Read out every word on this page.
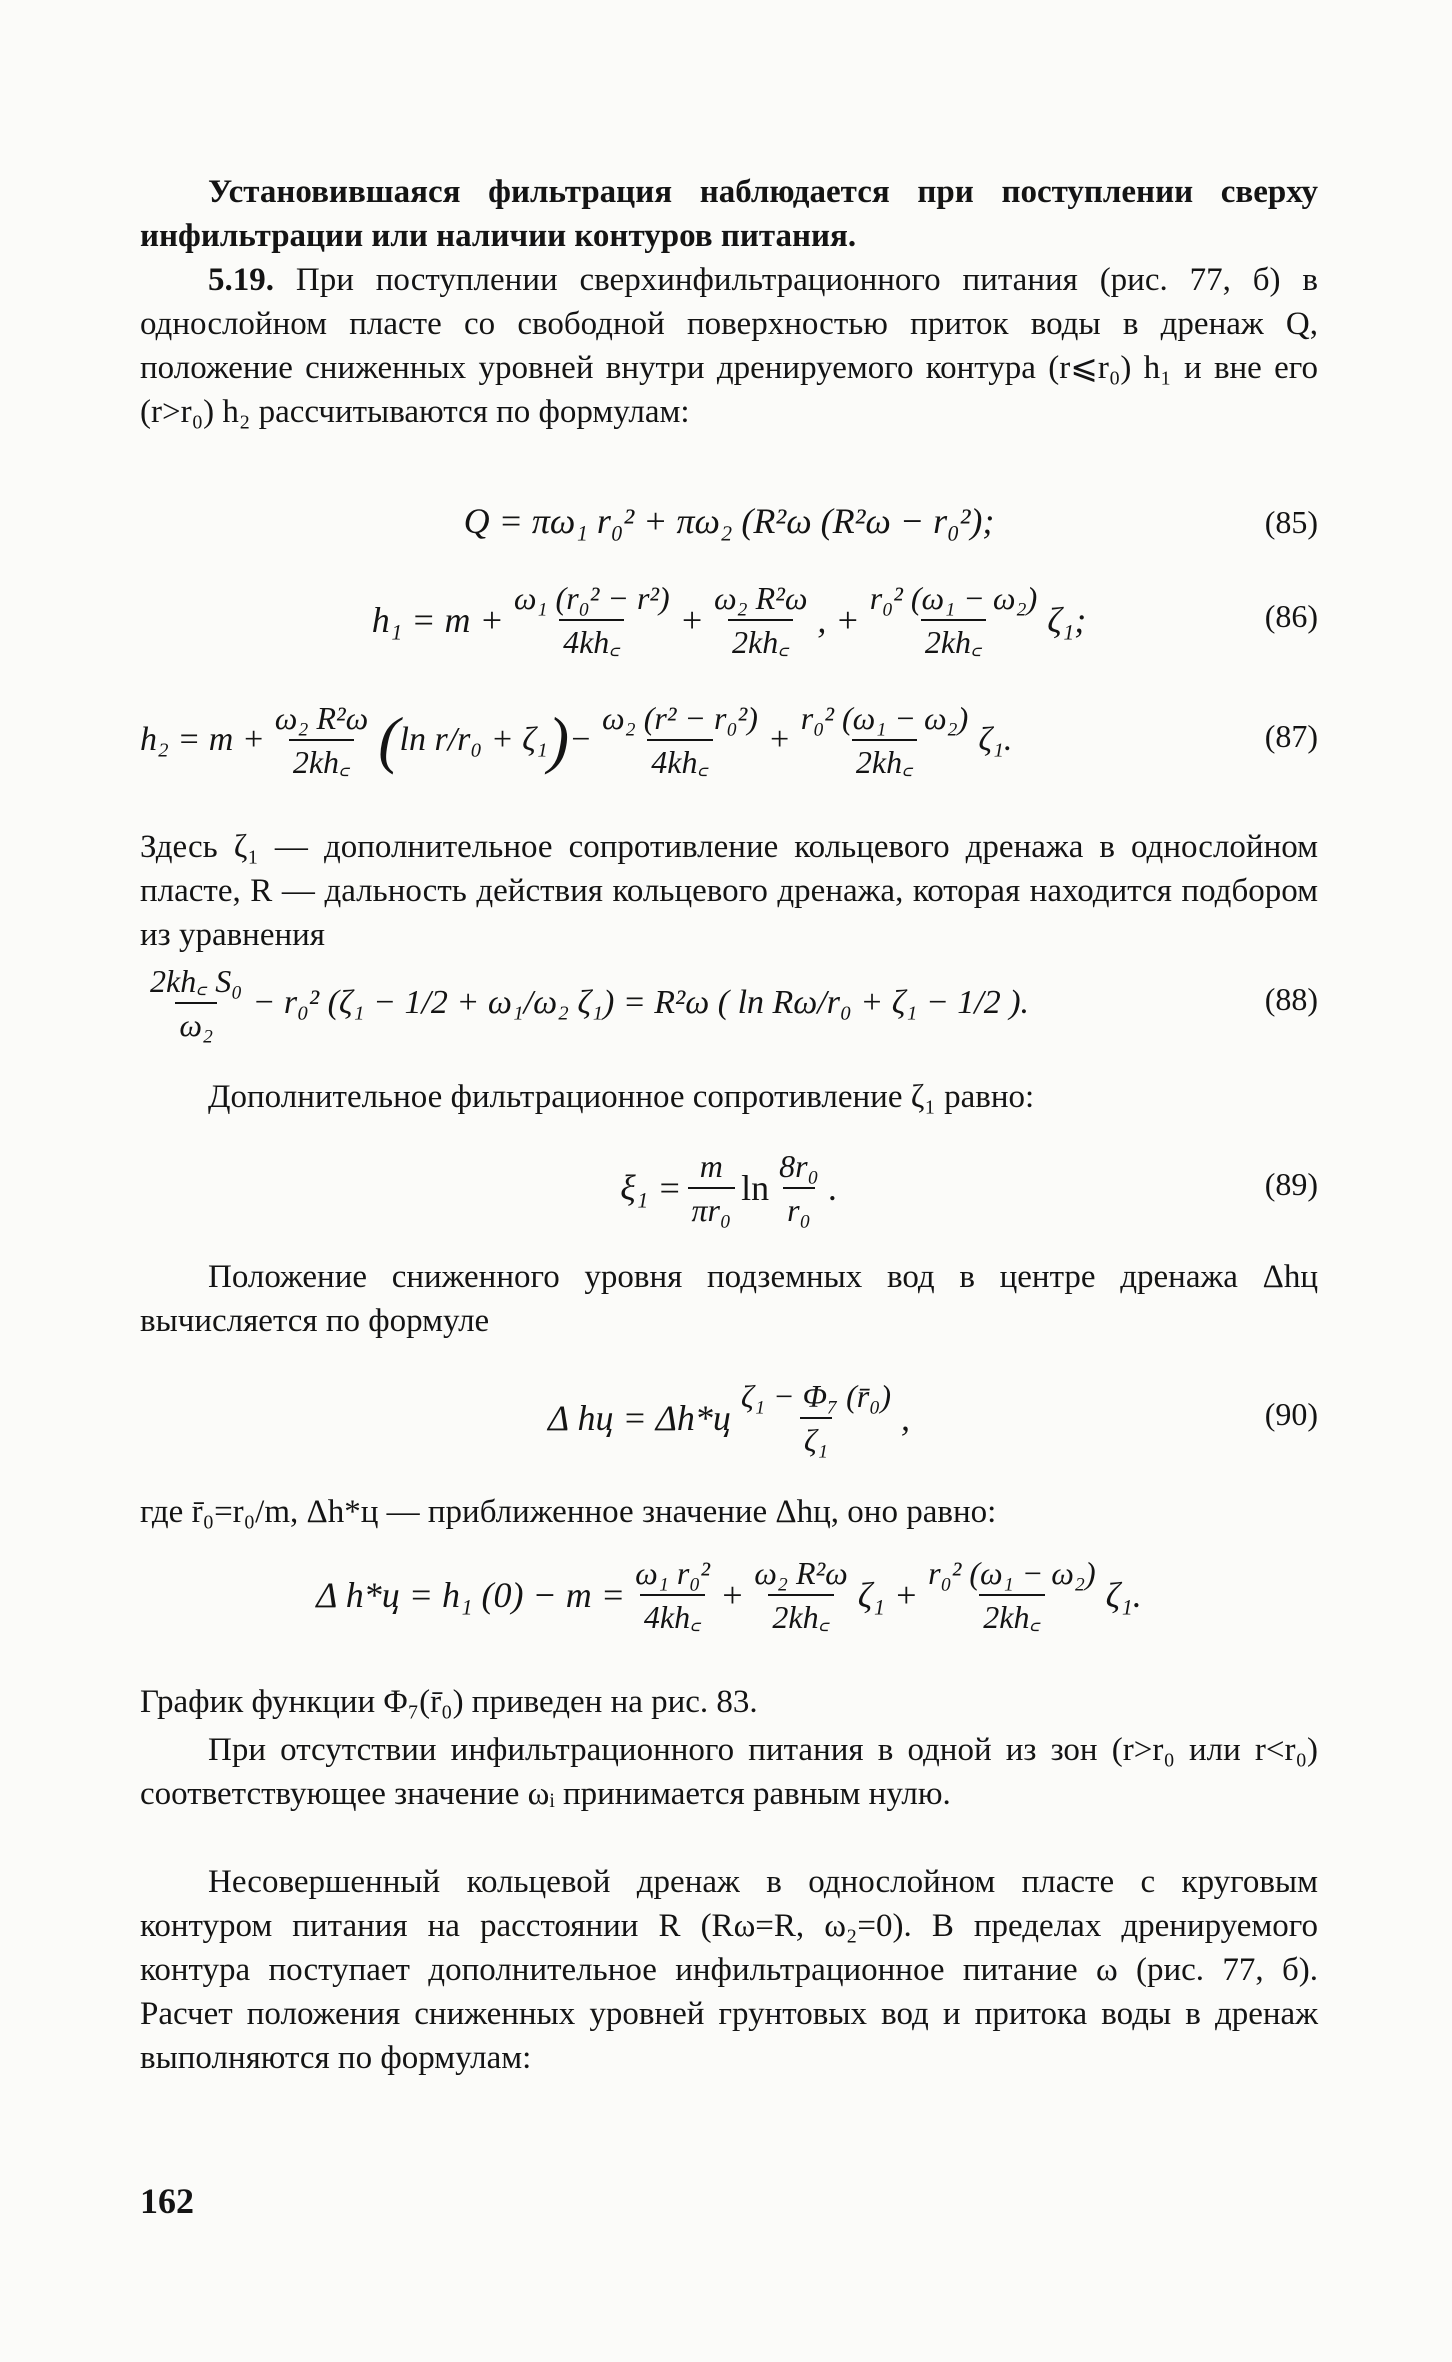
Установившаяся фильтрация наблюдается при поступлении сверху инфильтрации или наличии контуров питания.

5.19. При поступлении сверхинфильтрационного питания (рис. 77, б) в однослойном пласте со свободной поверхностью приток воды в дренаж Q, положение сниженных уровней внутри дренируемого контура (r⩽r₀) h₁ и вне его (r>r₀) h₂ рассчитываются по формулам:

Q = πω₁ r₀² + πω₂ (R²ω (R²ω − r₀²);	(85)
$h_1 = m + \frac{\text{ω₁ (r₀² − r²)}}{4kh꜀} + \frac{\text{ω₂ R²ω}}{2kh꜀}$ , + $\frac{\text{r₀² (ω₁ − ω₂)}}{2kh꜀} \zeta_1$;	(86)
$h_2 = m + \frac{\text{ω₂ R²ω}}{2kh꜀}$ ( ln r/r₀ + ζ₁ ) − $\frac{\text{ω₂ (r² − r₀²)}}{4kh꜀} + \frac{\text{r₀² (ω₁ − ω₂)}}{2kh꜀} \zeta_1$.	(87)

Здесь ζ₁ — дополнительное сопротивление кольцевого дренажа в однослойном пласте, R — дальность действия кольцевого дренажа, которая находится подбором из уравнения

$\frac{\text{2kh꜀ S₀}}{\text{ω₂}} - r_0^2$ (ζ₁ − 1/2 + ω₁/ω₂ ζ₁) = R²ω ( ln Rω/r₀ + ζ₁ − 1/2 ).	(88)

Дополнительное фильтрационное сопротивление ζ₁ равно:

$\xi_1 = \frac{m}{\text{πr₀}}$ $\ln \frac{\text{8r₀}}{\text{r₀}}$ .	(89)

Положение сниженного уровня подземных вод в центре дренажа Δhц вычисляется по формуле

Δ hц = $\Delta h*ц \frac{\text{ζ₁ − Φ₇ (r̄₀)}}{\text{ζ₁}}$ ,	(90)

где r̄₀=r₀/m, Δh*ц — приближенное значение Δhц, оно равно:

Δ h*ц = h₁ $(0) - m = \frac{\text{ω₁ r₀²}}{4kh꜀} + \frac{\text{ω₂ R²ω}}{2kh꜀} \zeta_1 + \frac{\text{r₀² (ω₁ − ω₂)}}{2kh꜀} \zeta_1$.

График функции Φ₇(r̄₀) приведен на рис. 83.

При отсутствии инфильтрационного питания в одной из зон (r>r₀ или r<r₀) соответствующее значение ωᵢ принимается равным нулю.

Несовершенный кольцевой дренаж в однослойном пласте с круговым контуром питания на расстоянии R (Rω=R, ω₂=0). В пределах дренируемого контура поступает дополнительное инфильтрационное питание ω (рис. 77, б). Расчет положения сниженных уровней грунтовых вод и притока воды в дренаж выполняются по формулам:

162
